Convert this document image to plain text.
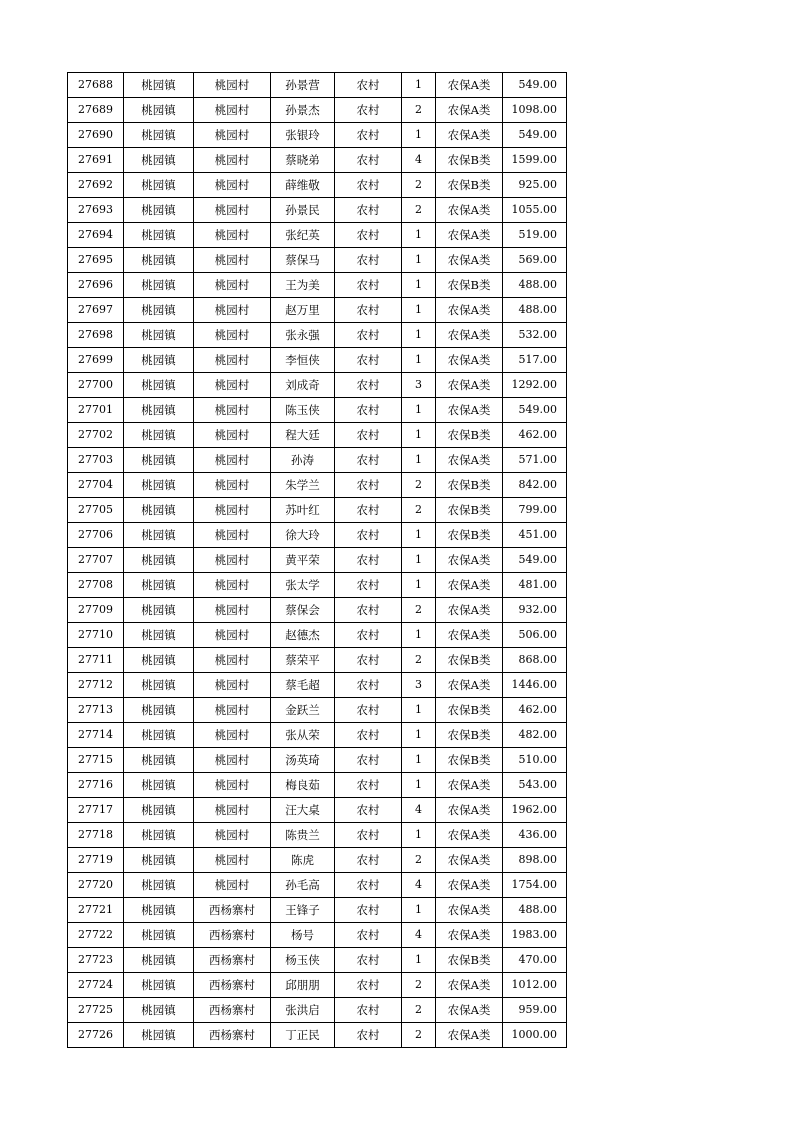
27688	桃园镇	桃园村	孙景营	农村	1	农保A类	549.00
27689	桃园镇	桃园村	孙景杰	农村	2	农保A类	1098.00
27690	桃园镇	桃园村	张银玲	农村	1	农保A类	549.00
27691	桃园镇	桃园村	蔡晓弟	农村	4	农保B类	1599.00
27692	桃园镇	桃园村	薛维敬	农村	2	农保B类	925.00
27693	桃园镇	桃园村	孙景民	农村	2	农保A类	1055.00
27694	桃园镇	桃园村	张纪英	农村	1	农保A类	519.00
27695	桃园镇	桃园村	蔡保马	农村	1	农保A类	569.00
27696	桃园镇	桃园村	王为美	农村	1	农保B类	488.00
27697	桃园镇	桃园村	赵万里	农村	1	农保A类	488.00
27698	桃园镇	桃园村	张永强	农村	1	农保A类	532.00
27699	桃园镇	桃园村	李恒侠	农村	1	农保A类	517.00
27700	桃园镇	桃园村	刘成奇	农村	3	农保A类	1292.00
27701	桃园镇	桃园村	陈玉侠	农村	1	农保A类	549.00
27702	桃园镇	桃园村	程大廷	农村	1	农保B类	462.00
27703	桃园镇	桃园村	孙涛	农村	1	农保A类	571.00
27704	桃园镇	桃园村	朱学兰	农村	2	农保B类	842.00
27705	桃园镇	桃园村	苏叶红	农村	2	农保B类	799.00
27706	桃园镇	桃园村	徐大玲	农村	1	农保B类	451.00
27707	桃园镇	桃园村	黄平荣	农村	1	农保A类	549.00
27708	桃园镇	桃园村	张太学	农村	1	农保A类	481.00
27709	桃园镇	桃园村	蔡保会	农村	2	农保A类	932.00
27710	桃园镇	桃园村	赵德杰	农村	1	农保A类	506.00
27711	桃园镇	桃园村	蔡荣平	农村	2	农保B类	868.00
27712	桃园镇	桃园村	蔡毛超	农村	3	农保A类	1446.00
27713	桃园镇	桃园村	金跃兰	农村	1	农保B类	462.00
27714	桃园镇	桃园村	张从荣	农村	1	农保B类	482.00
27715	桃园镇	桃园村	汤英琦	农村	1	农保B类	510.00
27716	桃园镇	桃园村	梅良茹	农村	1	农保A类	543.00
27717	桃园镇	桃园村	汪大桌	农村	4	农保A类	1962.00
27718	桃园镇	桃园村	陈贵兰	农村	1	农保A类	436.00
27719	桃园镇	桃园村	陈虎	农村	2	农保A类	898.00
27720	桃园镇	桃园村	孙毛高	农村	4	农保A类	1754.00
27721	桃园镇	西杨寨村	王锋子	农村	1	农保A类	488.00
27722	桃园镇	西杨寨村	杨号	农村	4	农保A类	1983.00
27723	桃园镇	西杨寨村	杨玉侠	农村	1	农保B类	470.00
27724	桃园镇	西杨寨村	邱朋朋	农村	2	农保A类	1012.00
27725	桃园镇	西杨寨村	张洪启	农村	2	农保A类	959.00
27726	桃园镇	西杨寨村	丁正民	农村	2	农保A类	1000.00
